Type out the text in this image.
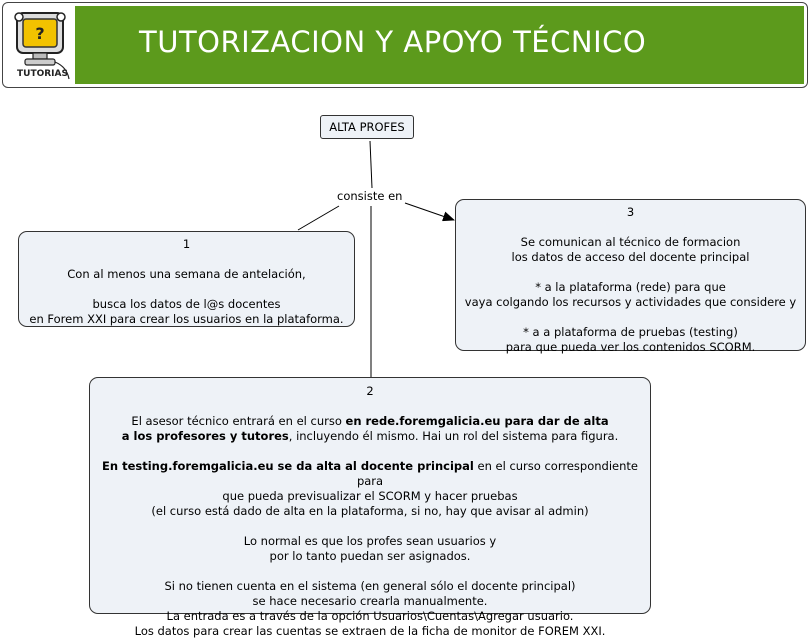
?
TUTORIAS
TUTORIZACION Y APOYO TÉCNICO
ALTA PROFES
consiste en
1
Con al menos una semana de antelación,
busca los datos de l@s docentes
en Forem XXI para crear los usuarios en la plataforma.
3
Se comunican al técnico de formacion
los datos de acceso del docente principal
* a la plataforma (rede) para que
vaya colgando los recursos y actividades que considere y
* a a plataforma de pruebas (testing)
para que pueda ver los contenidos SCORM.
2
El asesor técnico entrará en el curso en rede.foremgalicia.eu para dar de alta
a los profesores y tutores, incluyendo él mismo. Hai un rol del sistema para figura.
En testing.foremgalicia.eu se da alta al docente principal en el curso correspondiente para
que pueda previsualizar el SCORM y hacer pruebas
(el curso está dado de alta en la plataforma, si no, hay que avisar al admin)
Lo normal es que los profes sean usuarios y
por lo tanto puedan ser asignados.
Si no tienen cuenta en el sistema (en general sólo el docente principal)
se hace necesario crearla manualmente.
La entrada es a través de la opción Usuarios\Cuentas\Agregar usuario.
Los datos para crear las cuentas se extraen de la ficha de monitor de FOREM XXI.
